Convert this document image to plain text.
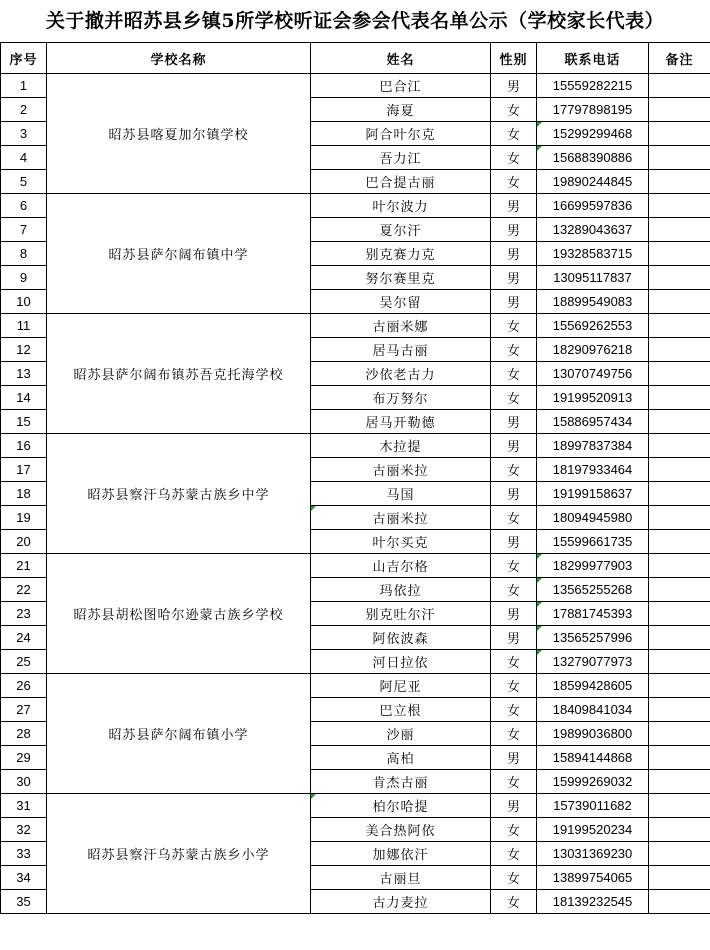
关于撤并昭苏县乡镇5所学校听证会参会代表名单公示（学校家长代表）
序号	学校名称	姓名	性别	联系电话	备注
1	昭苏县喀夏加尔镇学校	巴合江	男	15559282215	
2		海夏	女	17797898195	
3		阿合叶尔克	女	15299299468	
4		吾力江	女	15688390886	
5		巴合提古丽	女	19890244845	
6	昭苏县萨尔阔布镇中学	叶尔波力	男	16699597836	
7		夏尔汗	男	13289043637	
8		别克赛力克	男	19328583715	
9		努尔赛里克	男	13095117837	
10		吴尔留	男	18899549083	
11	昭苏县萨尔阔布镇苏吾克托海学校	古丽米娜	女	15569262553	
12		居马古丽	女	18290976218	
13		沙依老古力	女	13070749756	
14		布万努尔	女	19199520913	
15		居马开勒德	男	15886957434	
16	昭苏县察汗乌苏蒙古族乡中学	木拉提	男	18997837384	
17		古丽米拉	女	18197933464	
18		马国	男	19199158637	
19		古丽米拉	女	18094945980	
20		叶尔买克	男	15599661735	
21	昭苏县胡松图哈尔逊蒙古族乡学校	山吉尔格	女	18299977903	
22		玛依拉	女	13565255268	
23		别克吐尔汗	男	17881745393	
24		阿依波森	男	13565257996	
25		河日拉依	女	13279077973	
26	昭苏县萨尔阔布镇小学	阿尼亚	女	18599428605	
27		巴立根	女	18409841034	
28		沙丽	女	19899036800	
29		高柏	男	15894144868	
30		肯杰古丽	女	15999269032	
31	昭苏县察汗乌苏蒙古族乡小学	柏尔哈提	男	15739011682	
32		美合热阿依	女	19199520234	
33		加娜依汗	女	13031369230	
34		古丽旦	女	13899754065	
35		古力麦拉	女	18139232545	
